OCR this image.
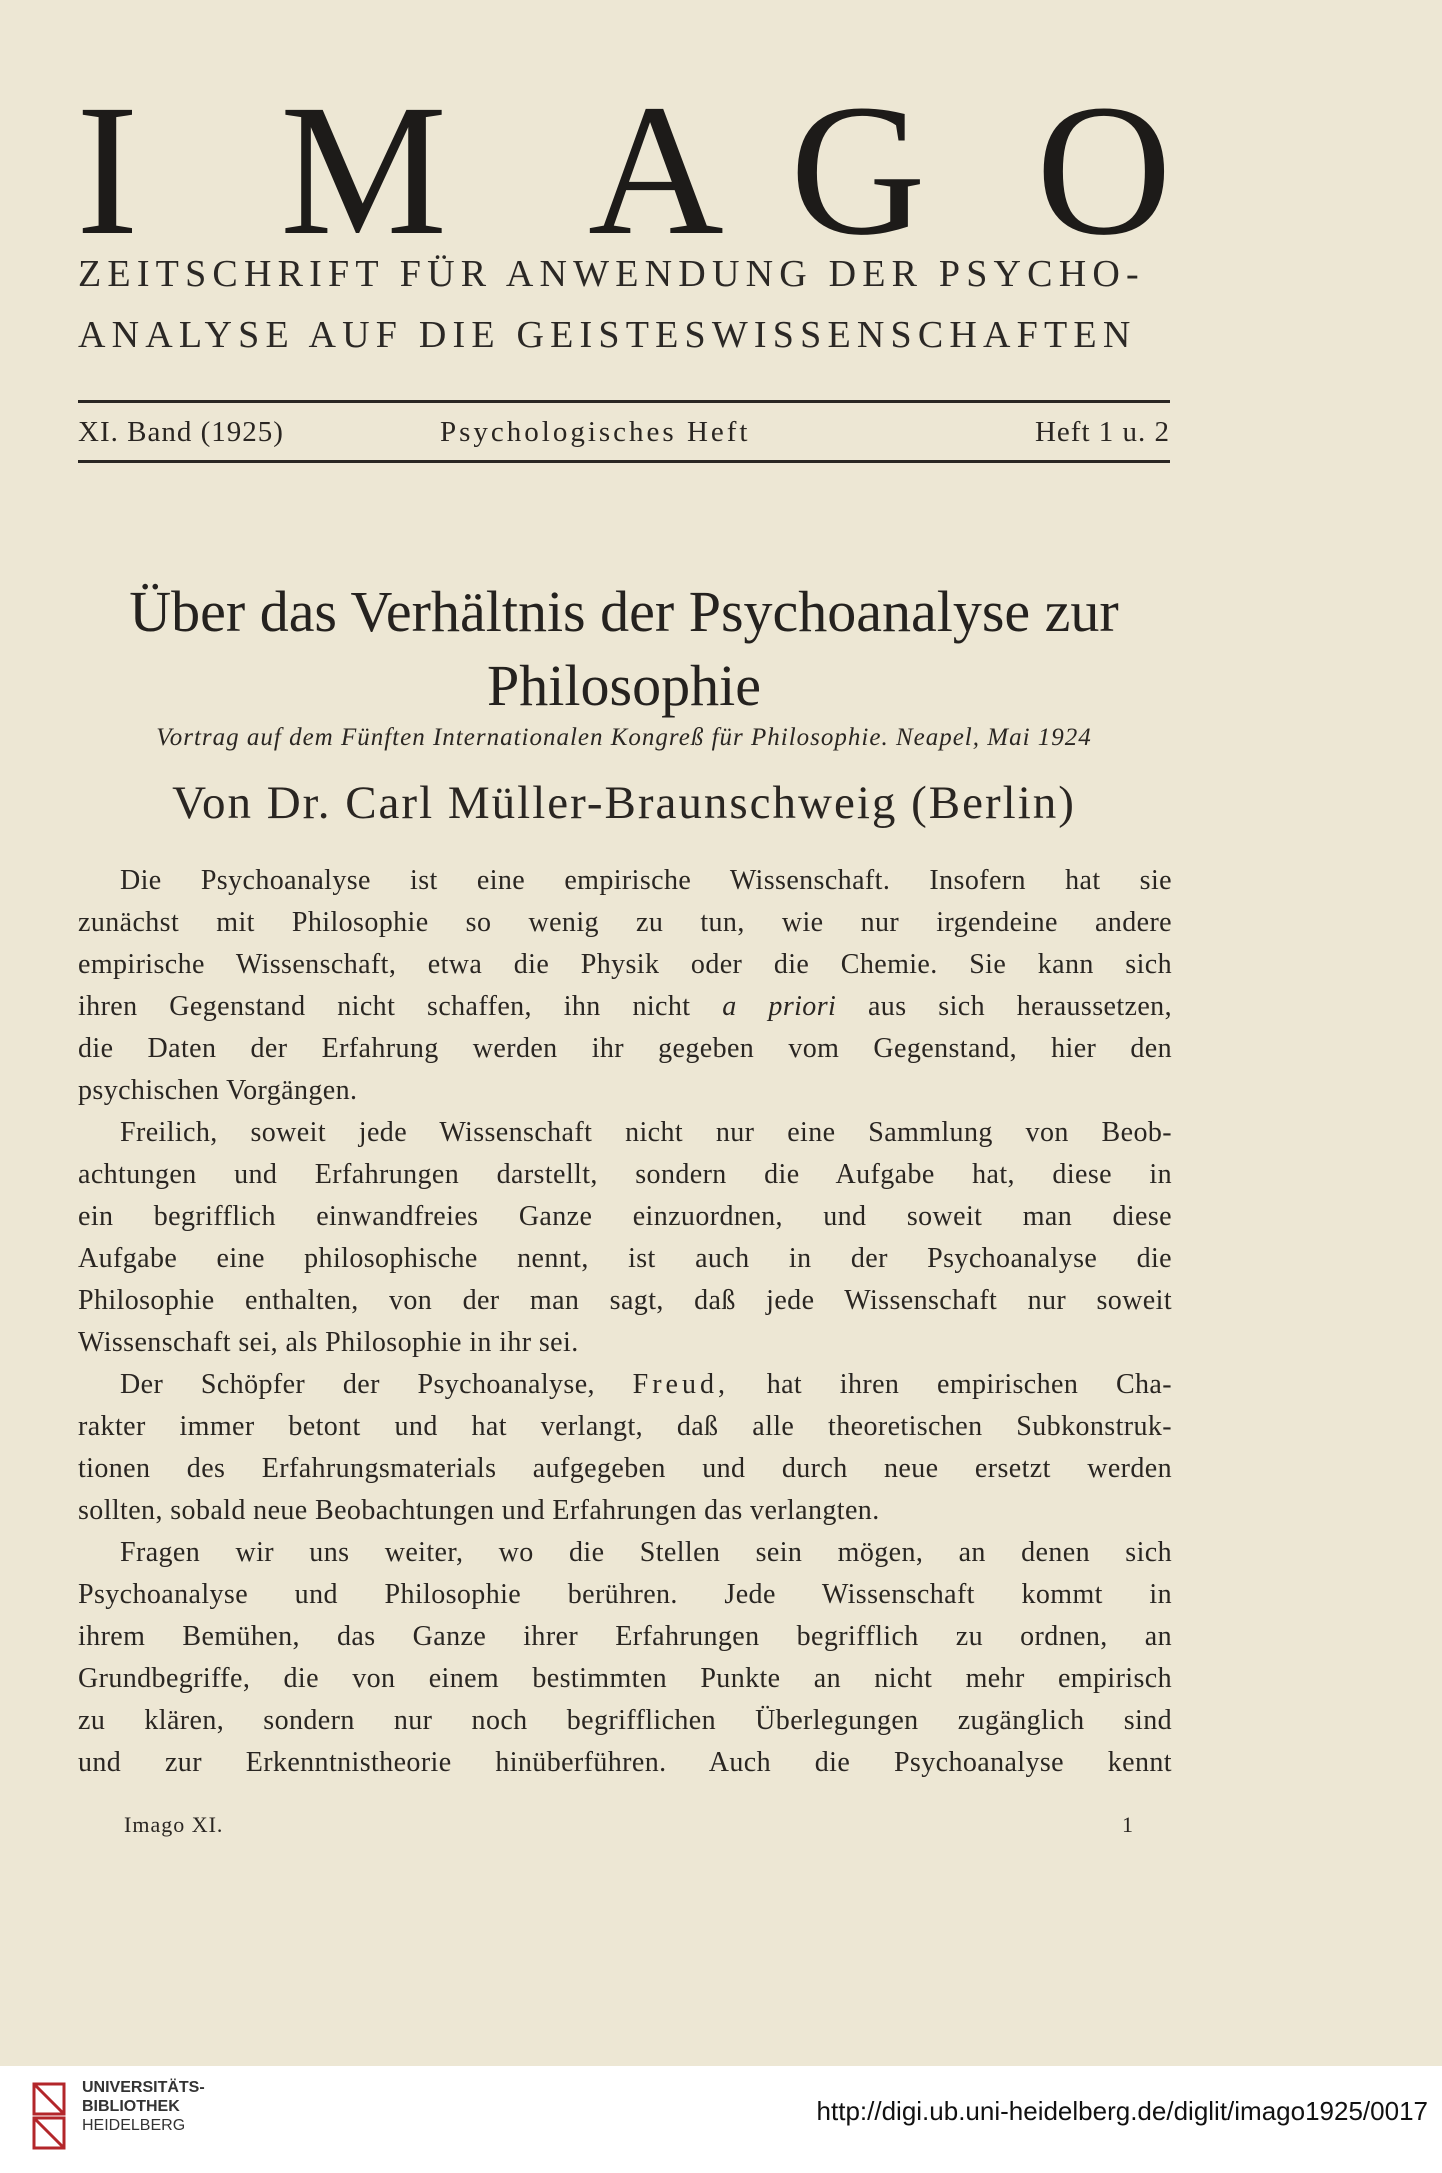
I M A G O
ZEITSCHRIFT FÜR ANWENDUNG DER PSYCHO-
ANALYSE AUF DIE GEISTESWISSENSCHAFTEN
XI. Band (1925)	Psychologisches Heft	Heft 1 u. 2
Über das Verhältnis der Psychoanalyse zur
Philosophie
Vortrag auf dem Fünften Internationalen Kongreß für Philosophie. Neapel, Mai 1924
Von Dr. Carl Müller-Braunschweig (Berlin)
Die Psychoanalyse ist eine empirische Wissenschaft. Insofern hat sie
zunächst mit Philosophie so wenig zu tun, wie nur irgendeine andere
empirische Wissenschaft, etwa die Physik oder die Chemie. Sie kann sich
ihren Gegenstand nicht schaffen, ihn nicht a priori aus sich heraussetzen,
die Daten der Erfahrung werden ihr gegeben vom Gegenstand, hier den
psychischen Vorgängen.
Freilich, soweit jede Wissenschaft nicht nur eine Sammlung von Beob-
achtungen und Erfahrungen darstellt, sondern die Aufgabe hat, diese in
ein begrifflich einwandfreies Ganze einzuordnen, und soweit man diese
Aufgabe eine philosophische nennt, ist auch in der Psychoanalyse die
Philosophie enthalten, von der man sagt, daß jede Wissenschaft nur soweit
Wissenschaft sei, als Philosophie in ihr sei.
Der Schöpfer der Psychoanalyse, Freud, hat ihren empirischen Cha-
rakter immer betont und hat verlangt, daß alle theoretischen Subkonstruk-
tionen des Erfahrungsmaterials aufgegeben und durch neue ersetzt werden
sollten, sobald neue Beobachtungen und Erfahrungen das verlangten.
Fragen wir uns weiter, wo die Stellen sein mögen, an denen sich
Psychoanalyse und Philosophie berühren. Jede Wissenschaft kommt in
ihrem Bemühen, das Ganze ihrer Erfahrungen begrifflich zu ordnen, an
Grundbegriffe, die von einem bestimmten Punkte an nicht mehr empirisch
zu klären, sondern nur noch begrifflichen Überlegungen zugänglich sind
und zur Erkenntnistheorie hinüberführen. Auch die Psychoanalyse kennt
Imago XI.	1
UNIVERSITÄTS-
BIBLIOTHEK
HEIDELBERG	http://digi.ub.uni-heidelberg.de/diglit/imago1925/0017
